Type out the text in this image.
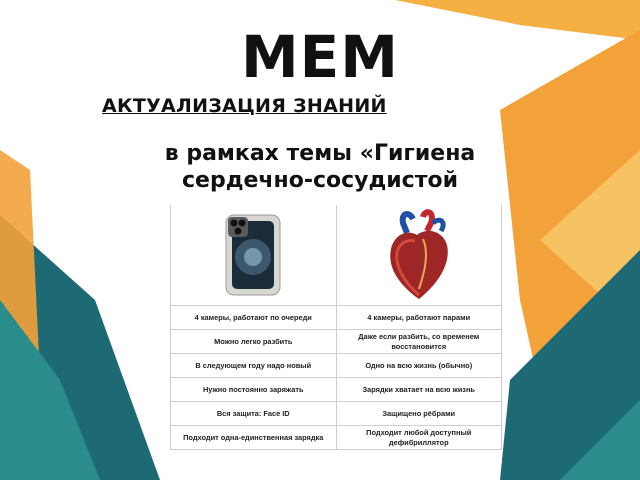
МЕМ
АКТУАЛИЗАЦИЯ ЗНАНИЙ
в рамках темы «Гигиена
сердечно-сосудистой

4 камеры, работают по очереди	4 камеры, работают парами
Можно легко разбить	Даже если разбить, со временем восстановится
В следующем году надо новый	Одно на всю жизнь (обычно)
Нужно постоянно заряжать	Зарядки хватает на всю жизнь
Вся защита: Face ID	Защищено рёбрами
Подходит одна-единственная зарядка	Подходит любой доступный дефибриллятор
